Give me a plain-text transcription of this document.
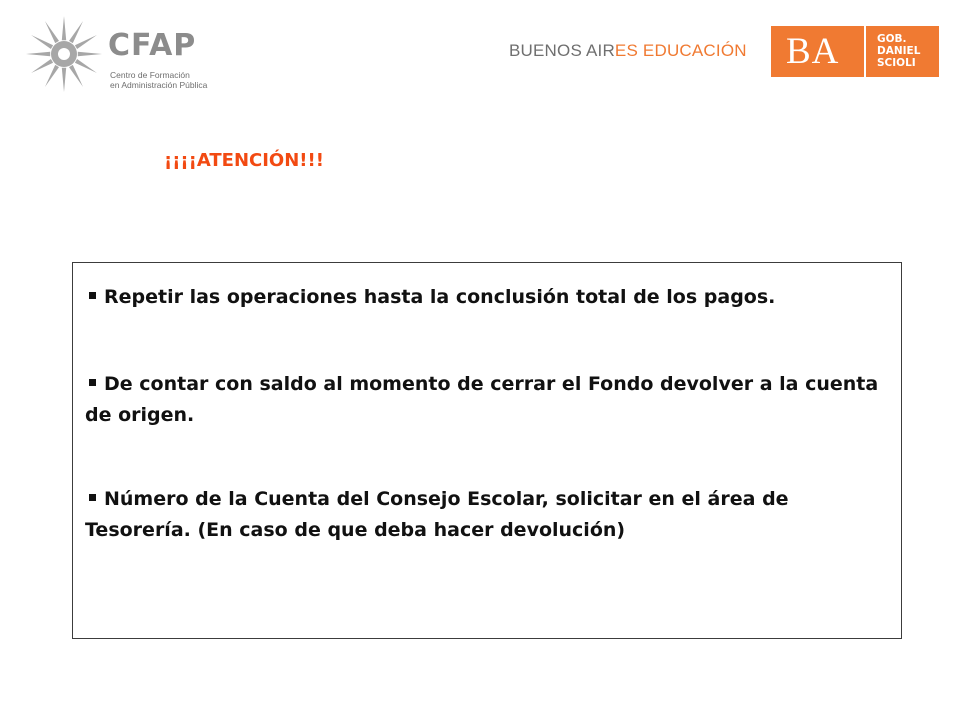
CFAP
Centro de Formación
en Administración Pública
BUENOS AIRES EDUCACIÓN BA	GOB.
DANIEL
SCIOLI
¡¡¡¡ATENCIÓN!!!
Repetir las operaciones hasta la conclusión total de los pagos.
De contar con saldo al momento de cerrar el Fondo devolver a la cuenta de origen.
Número de la Cuenta del Consejo Escolar, solicitar en el área de Tesorería. (En caso de que deba hacer devolución)
